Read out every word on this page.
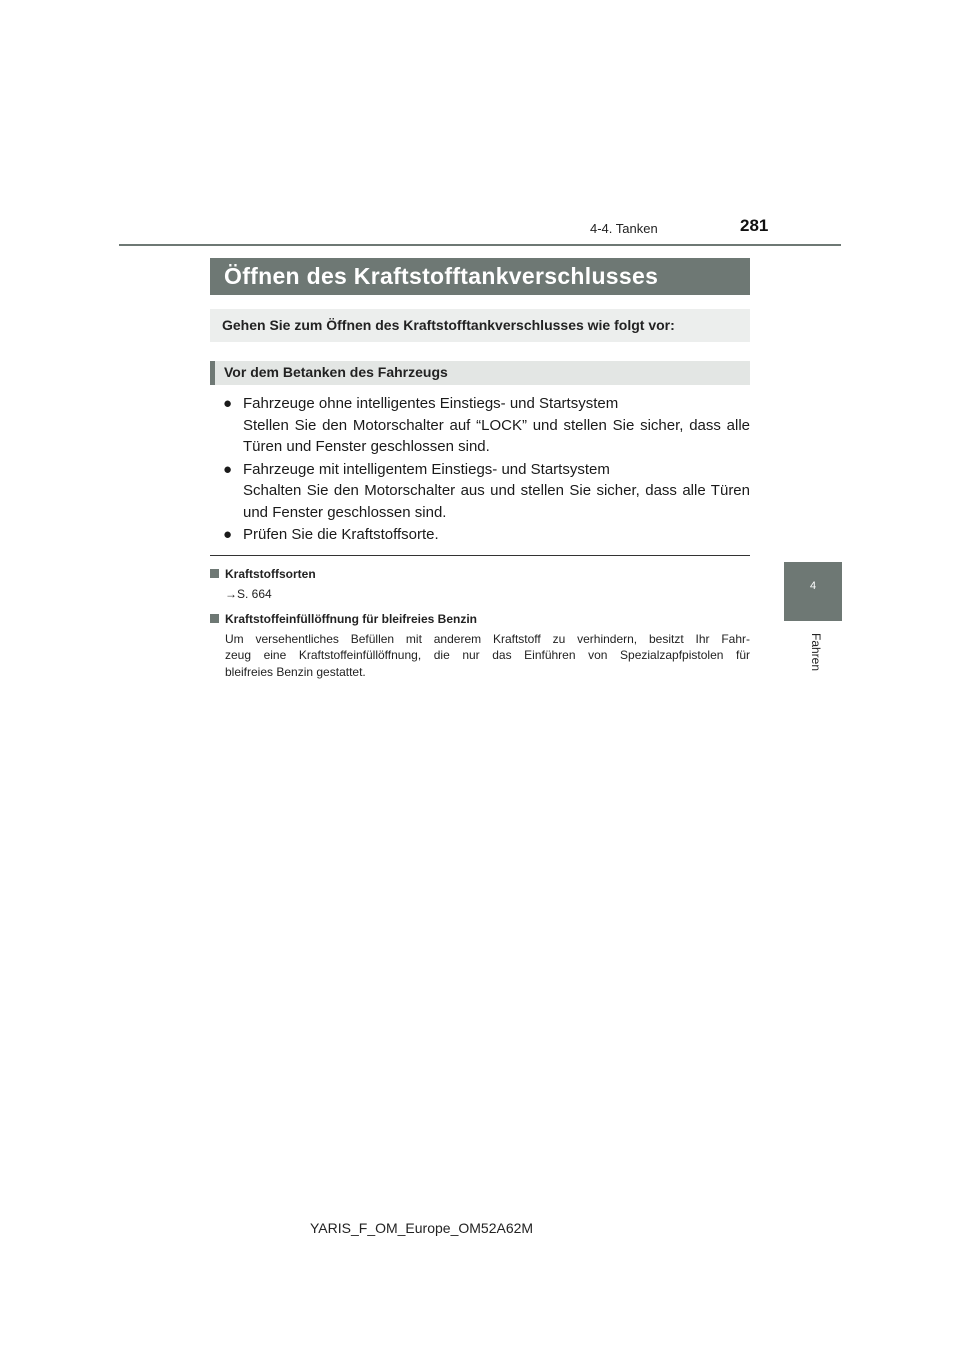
4-4. Tanken	281
Öffnen des Kraftstofftankverschlusses
Gehen Sie zum Öffnen des Kraftstofftankverschlusses wie folgt vor:
Vor dem Betanken des Fahrzeugs
● Fahrzeuge ohne intelligentes Einstiegs- und Startsystem
Stellen Sie den Motorschalter auf “LOCK” und stellen Sie sicher, dass alle
Türen und Fenster geschlossen sind.
● Fahrzeuge mit intelligentem Einstiegs- und Startsystem
Schalten Sie den Motorschalter aus und stellen Sie sicher, dass alle Türen
und Fenster geschlossen sind.
● Prüfen Sie die Kraftstoffsorte.
Kraftstoffsorten
→S. 664
Kraftstoffeinfüllöffnung für bleifreies Benzin
Um versehentliches Befüllen mit anderem Kraftstoff zu verhindern, besitzt Ihr Fahr-
zeug eine Kraftstoffeinfüllöffnung, die nur das Einführen von Spezialzapfpistolen für
bleifreies Benzin gestattet.
4
Fahren
YARIS_F_OM_Europe_OM52A62M
